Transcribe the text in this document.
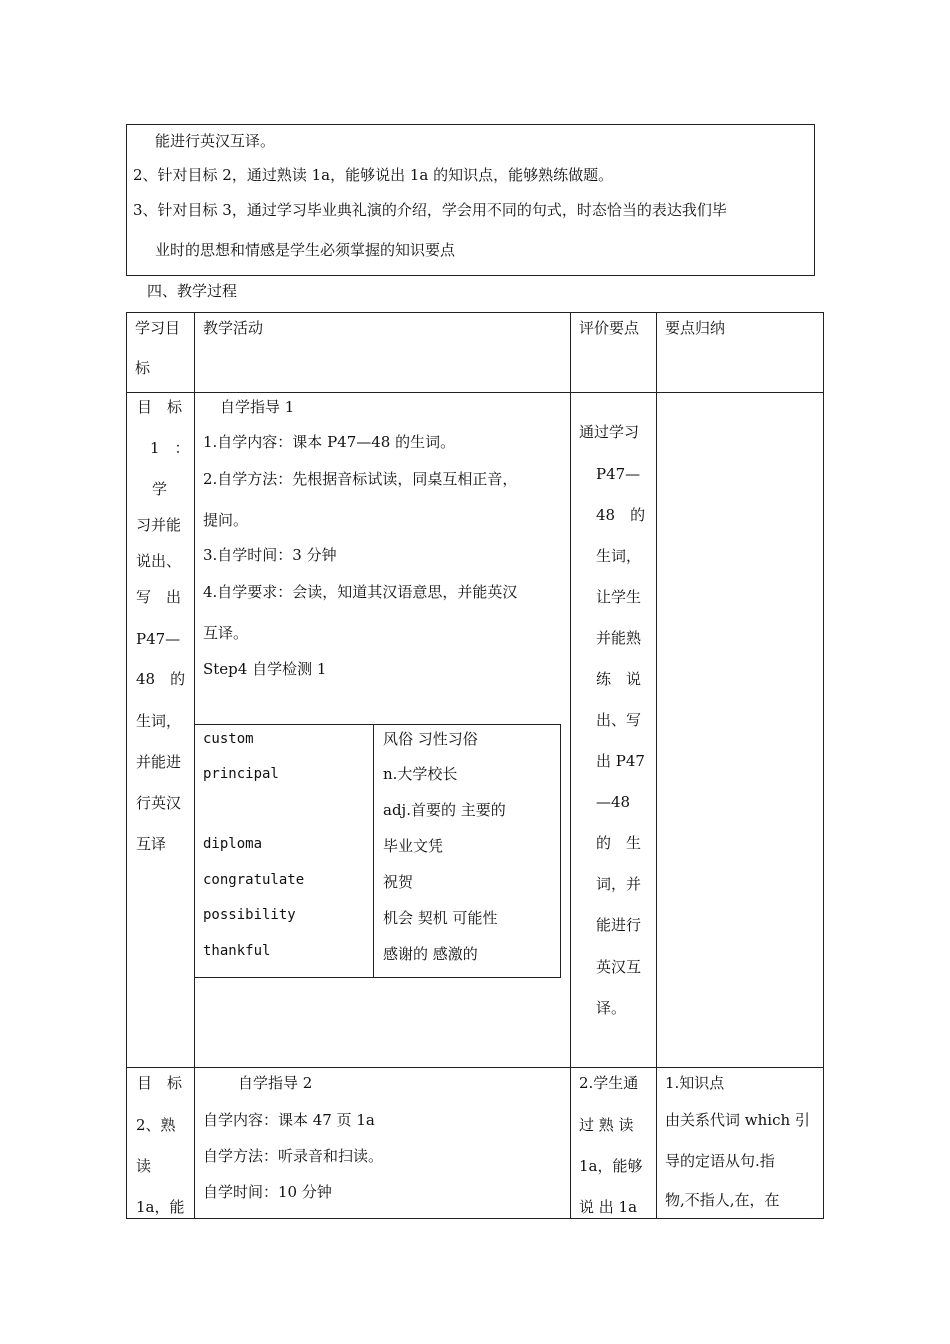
能进行英汉互译。
2、针对目标 2，通过熟读 1a，能够说出 1a 的知识点，能够熟练做题。
3、针对目标 3，通过学习毕业典礼演的介绍，学会用不同的句式，时态恰当的表达我们毕
业时的思想和情感是学生必须掌握的知识要点
四、教学过程
学习目
标
教学活动	评价要点 要点归纳
目　标
1　：
学
习并能
说出、
写　出
P47—
48　的
生词，
并能进
行英汉
互译
自学指导 1
1.自学内容：课本 P47—48 的生词。
2.自学方法：先根据音标试读，同桌互相正音，
提问。
3.自学时间：3 分钟
4.自学要求：会读，知道其汉语意思，并能英汉
互译。
Step4 自学检测 1
custom
principal
diploma
congratulate
possibility
thankful
风俗 习性习俗
n.大学校长
adj.首要的 主要的
毕业文凭
祝贺
机会 契机 可能性
感谢的 感激的
通过学习
P47—
48　的
生词，
让学生
并能熟
练　说
出、写
出 P47
—48
的　生
词，并
能进行
英汉互
译。
目　标
2、熟
读
1a，能
自学指导 2
自学内容：课本 47 页 1a
自学方法：听录音和扫读。
自学时间：10 分钟
2.学生通
过 熟 读
1a，能够
说 出 1a
1.知识点
由关系代词 which 引
导的定语从句.指
物,不指人,在，在
